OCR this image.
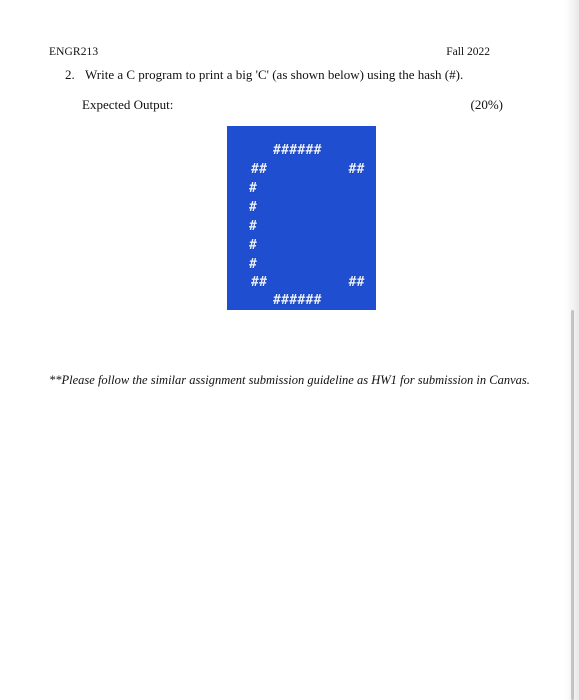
ENGR213	Fall 2022
2. Write a C program to print a big 'C' (as shown below) using the hash (#).
Expected Output:	(20%)
######
##          ##
#
#
#
#
#
##          ##
######
**Please follow the similar assignment submission guideline as HW1 for submission in Canvas.
